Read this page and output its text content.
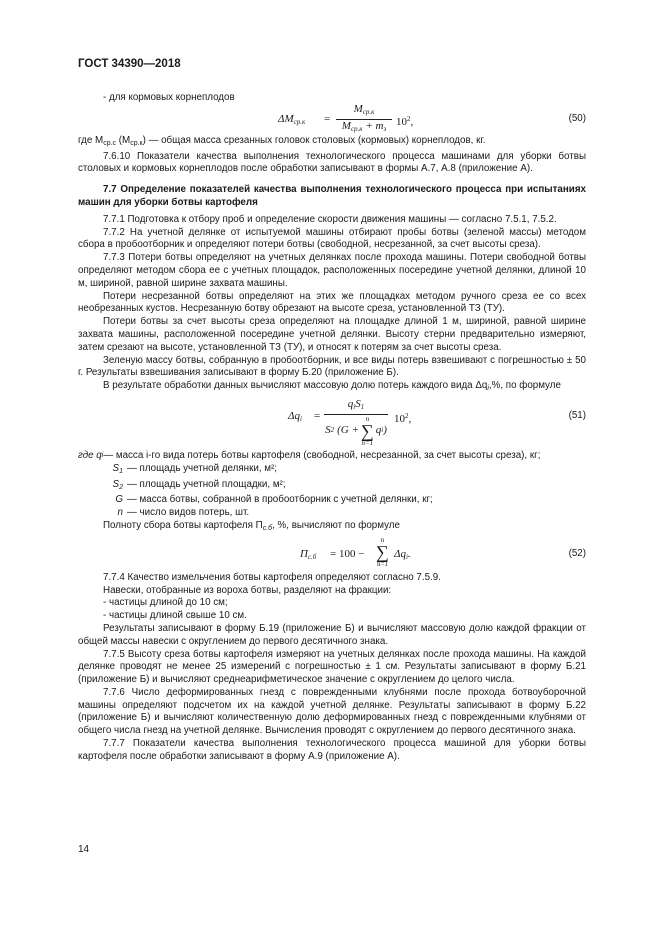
ГОСТ 34390—2018

- для кормовых корнеплодов

$\Delta M_{ср.к}$ =
$M_{ср.к}$
$M_{ср.к} + m_з$
$10^2$,	(50)

где $M_{ср.с}$ $(M_{ср.к})$ — общая масса срезанных головок столовых (кормовых) корнеплодов, кг.

7.6.10 Показатели качества выполнения технологического процесса машинами для уборки ботвы столовых и кормовых корнеплодов после обработки записывают в формы А.7, А.8 (приложение А).

7.7 Определение показателей качества выполнения технологического процесса при испытаниях машин для уборки ботвы картофеля

7.7.1 Подготовка к отбору проб и определение скорости движения машины — согласно 7.5.1, 7.5.2.

7.7.2 На учетной делянке от испытуемой машины отбирают пробы ботвы (зеленой массы) методом сбора в пробоотборник и определяют потери ботвы (свободной, несрезанной, за счет высоты среза).

7.7.3 Потери ботвы определяют на учетных делянках после прохода машины. Потери свободной ботвы определяют методом сбора ее с учетных площадок, расположенных посередине учетной делянки, длиной 10 м, шириной, равной ширине захвата машины.

Потери несрезанной ботвы определяют на этих же площадках методом ручного среза ее со всех необрезанных кустов. Несрезанную ботву обрезают на высоте среза, установленной ТЗ (ТУ).

Потери ботвы за счет высоты среза определяют на площадке длиной 1 м, шириной, равной ширине захвата машины, расположенной посередине учетной делянки. Высоту стерни предварительно измеряют, затем срезают на высоте, установленной ТЗ (ТУ), и относят к потерям за счет высоты среза.

Зеленую массу ботвы, собранную в пробоотборник, и все виды потерь взвешивают с погрешностью ± 50 г. Результаты взвешивания записывают в форму Б.20 (приложение Б).

В результате обработки данных вычисляют массовую долю потерь каждого вида $\Delta q_i,\%$, по формуле

$\Delta q_i$ =
$q_iS_1$
S 2 ( G +
n
∑
n=1
q i )
$10^2$,	(51)
где q i — масса i-го вида потерь ботвы картофеля (свободной, несрезанной, за счет высоты среза), кг;
$S_1$ — площадь учетной делянки, м²;
$S_2$ — площадь учетной площадки, м²;
G — масса ботвы, собранной в пробоотборник с учетной делянки, кг;
n — число видов потерь, шт.

Полноту сбора ботвы картофеля $П_{с.б}$, %, вычисляют по формуле

$П_{с.б} = 100$ −
n
∑
n=1
$\Delta q_i$.	(52)

7.7.4 Качество измельчения ботвы картофеля определяют согласно 7.5.9.

Навески, отобранные из вороха ботвы, разделяют на фракции:

- частицы длиной до 10 см;

- частицы длиной свыше 10 см.

Результаты записывают в форму Б.19 (приложение Б) и вычисляют массовую долю каждой фракции от общей массы навески с округлением до первого десятичного знака.

7.7.5 Высоту среза ботвы картофеля измеряют на учетных делянках после прохода машины. На каждой делянке проводят не менее 25 измерений с погрешностью ± 1 см. Результаты записывают в форму Б.21 (приложение Б) и вычисляют среднеарифметическое значение с округлением до целого числа.

7.7.6 Число деформированных гнезд с поврежденными клубнями после прохода ботвоуборочной машины определяют подсчетом их на каждой учетной делянке. Результаты записывают в форму Б.22 (приложение Б) и вычисляют количественную долю деформированных гнезд с поврежденными клубнями от общего числа гнезд на учетной делянке. Вычисления проводят с округлением до первого десятичного знака.

7.7.7 Показатели качества выполнения технологического процесса машиной для уборки ботвы картофеля после обработки записывают в форму А.9 (приложение А).

14
